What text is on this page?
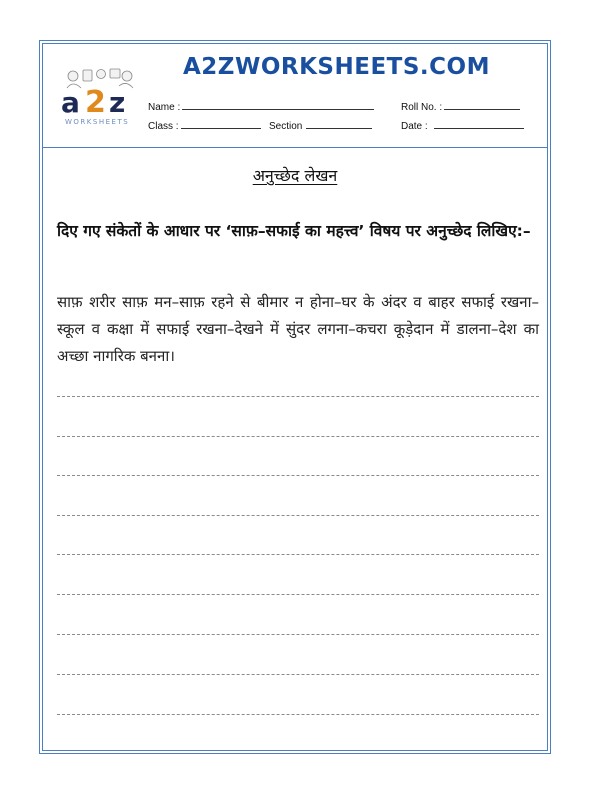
a 2 z
WORKSHEETS
A2ZWORKSHEETS.COM
Name :	Roll No. :
Class :	Section	Date :
अनुच्छेद लेखन
दिए गए संकेतों के आधार पर ‘साफ़–सफाई का महत्त्व’ विषय पर अनुच्छेद लिखिए:–
साफ़ शरीर साफ़ मन–साफ़ रहने से बीमार न होना–घर के अंदर व बाहर सफाई रखना–स्कूल व कक्षा में सफाई रखना–देखने में सुंदर लगना–कचरा कूड़ेदान में डालना–देश का अच्छा नागरिक बनना।
